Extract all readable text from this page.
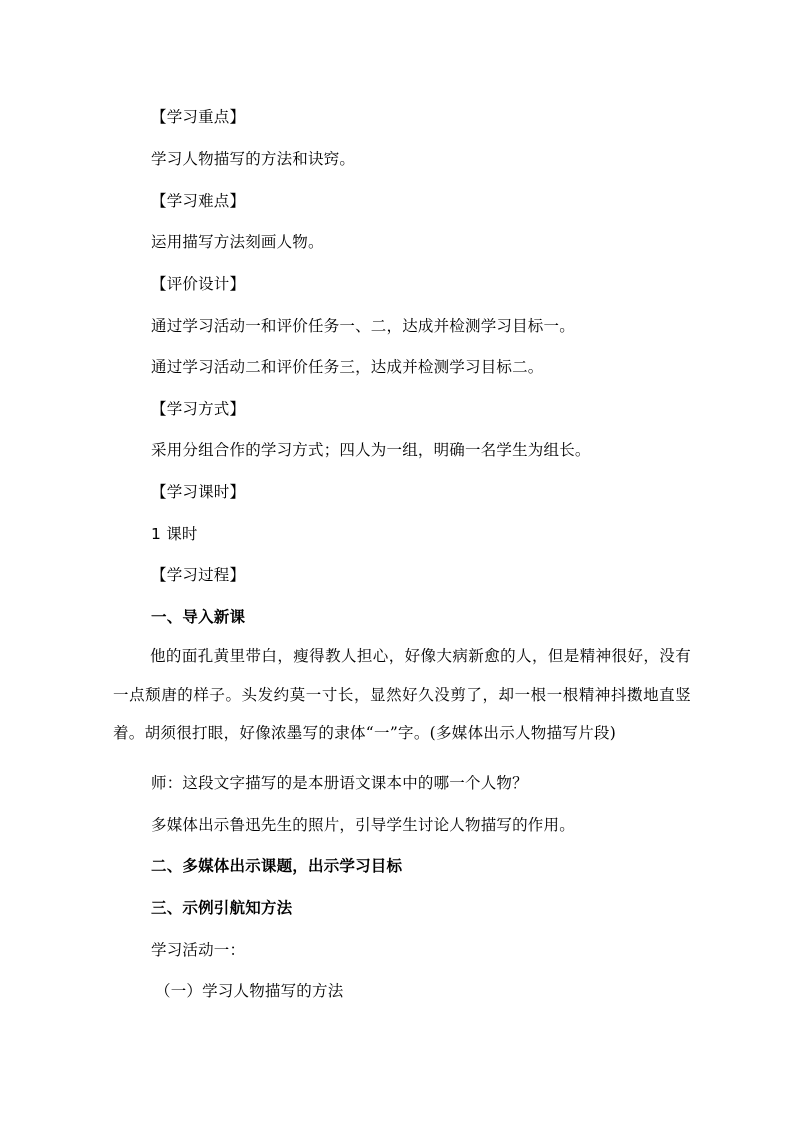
【学习重点】
学习人物描写的方法和诀窍。
【学习难点】
运用描写方法刻画人物。
【评价设计】
通过学习活动一和评价任务一、二，达成并检测学习目标一。
通过学习活动二和评价任务三，达成并检测学习目标二。
【学习方式】
采用分组合作的学习方式；四人为一组，明确一名学生为组长。
【学习课时】
1 课时
【学习过程】
一、导入新课
他的面孔黄里带白，瘦得教人担心，好像大病新愈的人，但是精神很好，没有一点颓唐的样子。头发约莫一寸长，显然好久没剪了，却一根一根精神抖擞地直竖着。胡须很打眼，好像浓墨写的隶体“一”字。(多媒体出示人物描写片段)
师：这段文字描写的是本册语文课本中的哪一个人物？
多媒体出示鲁迅先生的照片，引导学生讨论人物描写的作用。
二、多媒体出示课题，出示学习目标
三、示例引航知方法
学习活动一：
（一）学习人物描写的方法
